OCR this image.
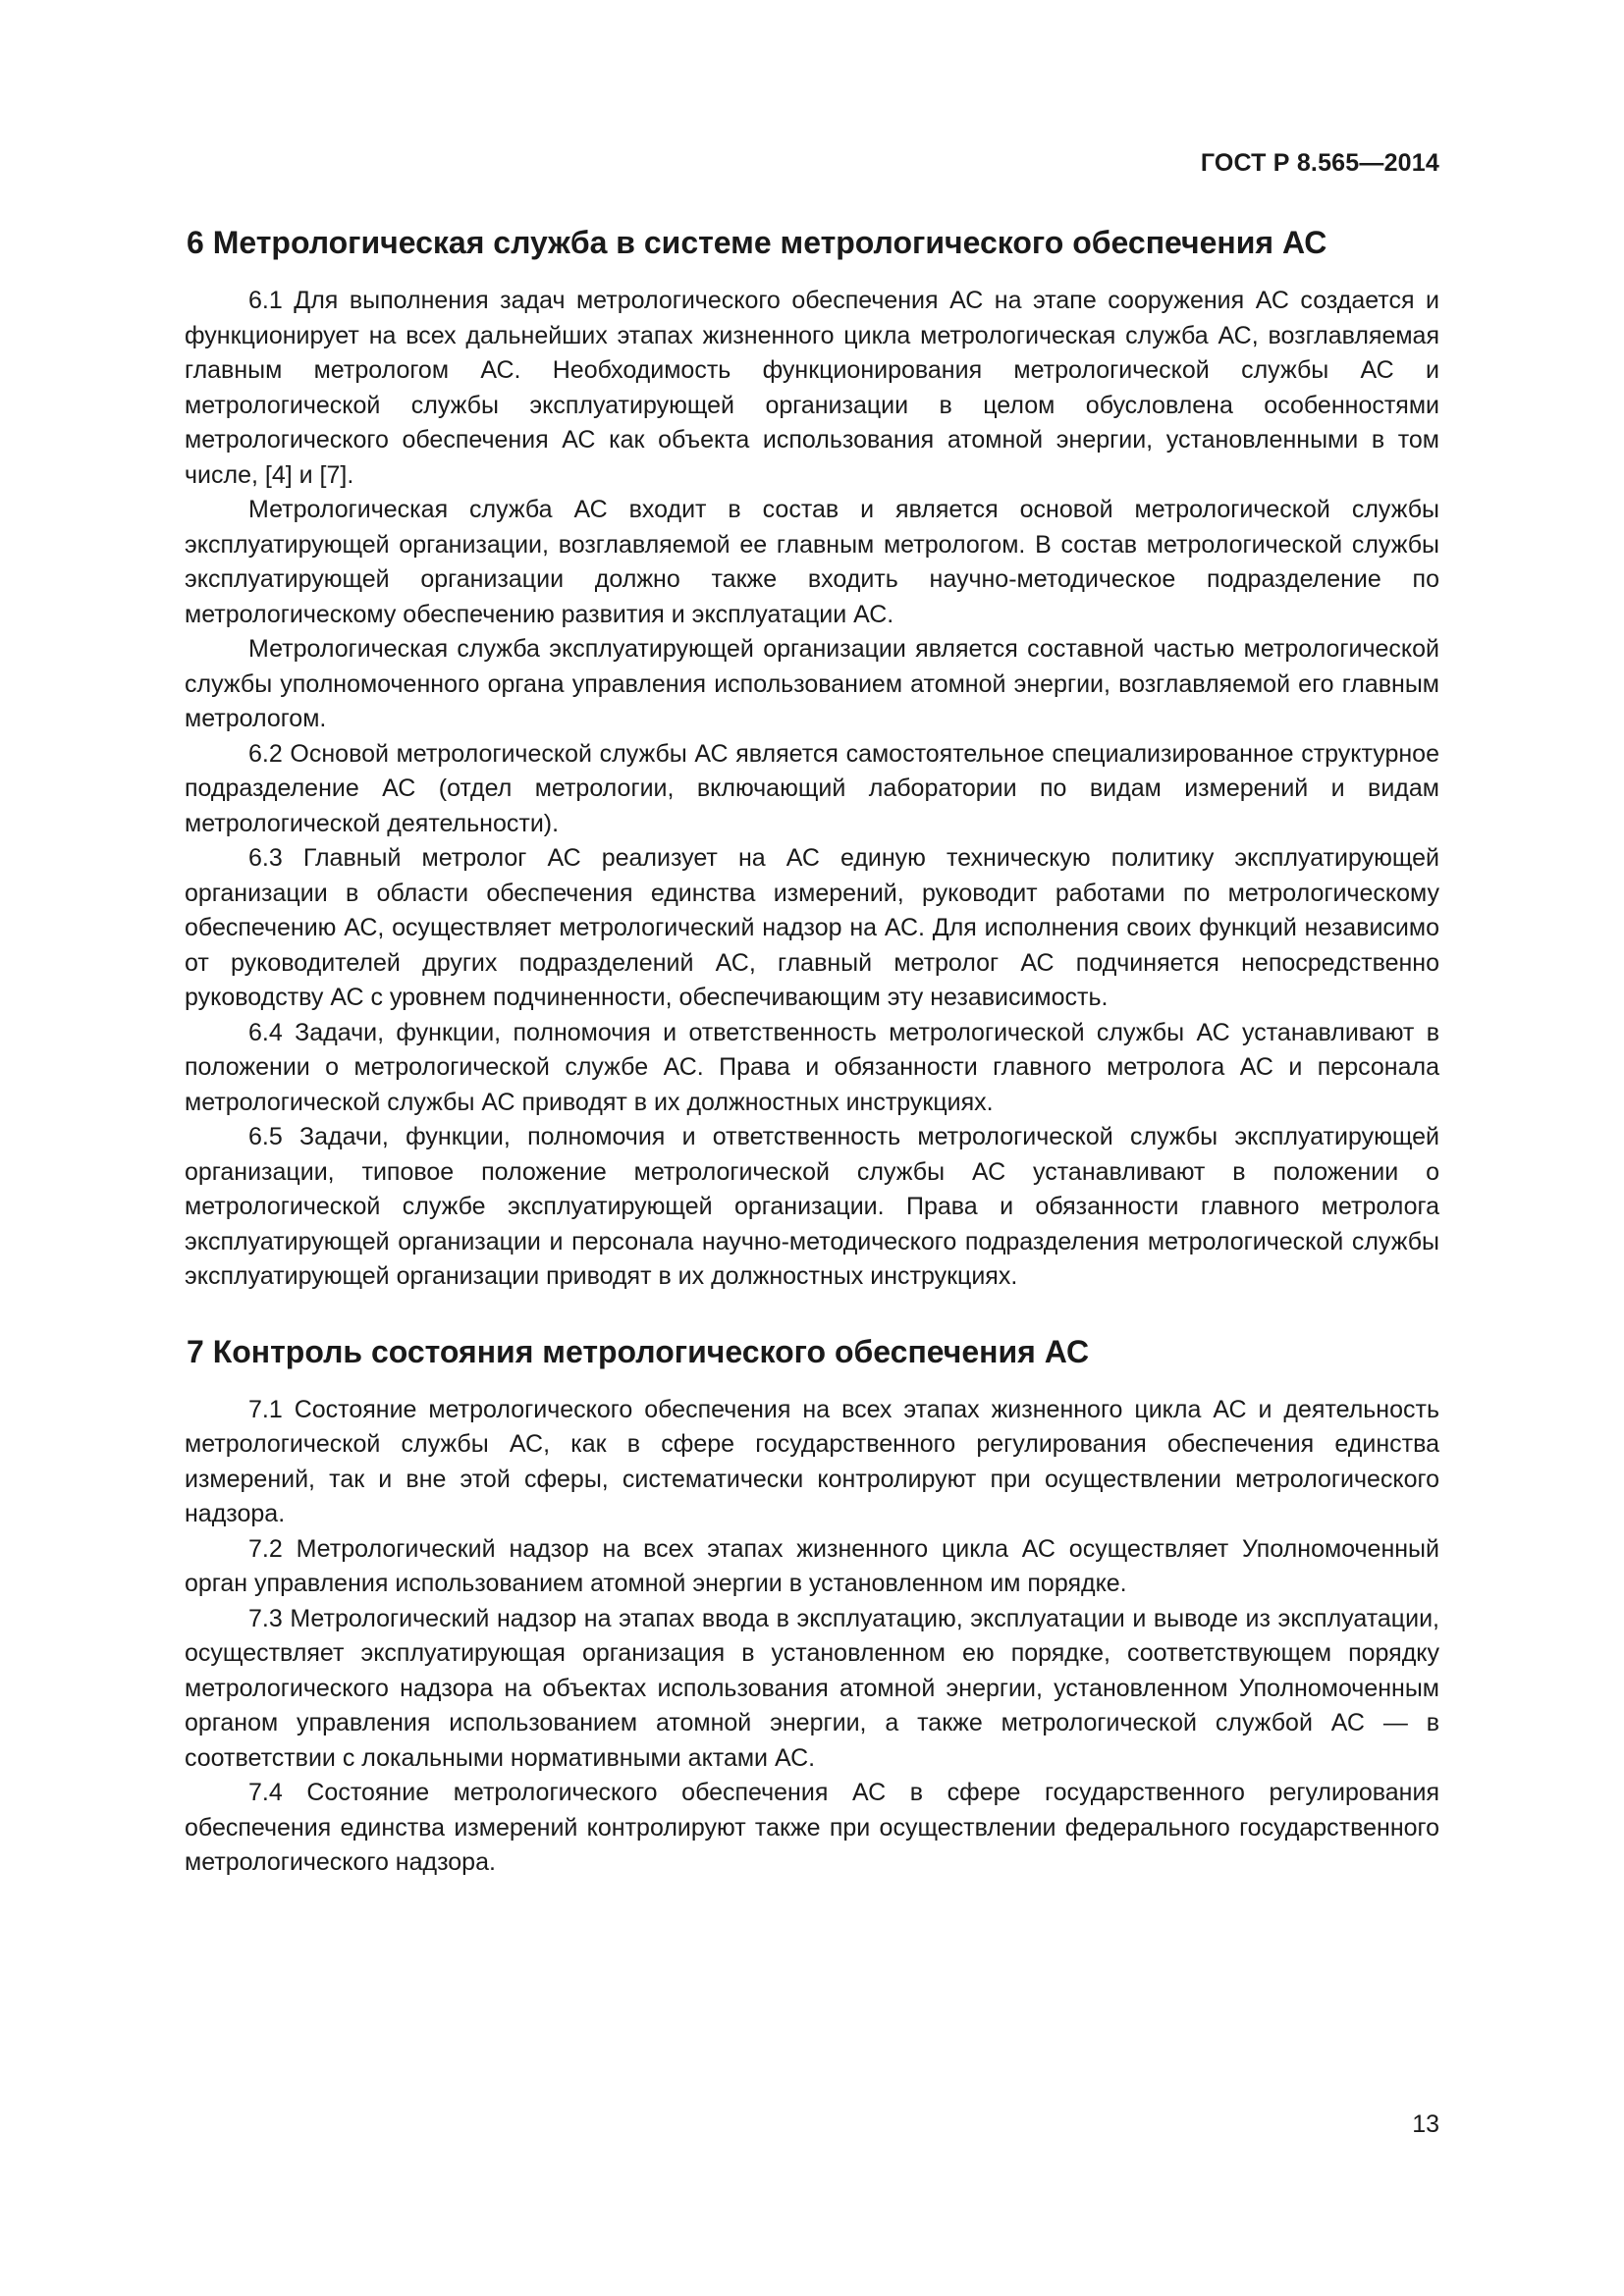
ГОСТ Р 8.565—2014
6 Метрологическая служба в системе метрологического обеспечения АС

6.1 Для выполнения задач метрологического обеспечения АС на этапе сооружения АС создается и функционирует на всех дальнейших этапах жизненного цикла метрологическая служба АС, возглавляемая главным метрологом АС. Необходимость функционирования метрологической службы АС и метрологической службы эксплуатирующей организации в целом обусловлена особенностями метрологического обеспечения АС как объекта использования атомной энергии, установленными в том числе, [4] и [7].

Метрологическая служба АС входит в состав и является основой метрологической службы эксплуатирующей организации, возглавляемой ее главным метрологом. В состав метрологической службы эксплуатирующей организации должно также входить научно-методическое подразделение по метрологическому обеспечению развития и эксплуатации АС.

Метрологическая служба эксплуатирующей организации является составной частью метрологической службы уполномоченного органа управления использованием атомной энергии, возглавляемой его главным метрологом.

6.2 Основой метрологической службы АС является самостоятельное специализированное структурное подразделение АС (отдел метрологии, включающий лаборатории по видам измерений и видам метрологической деятельности).

6.3 Главный метролог АС реализует на АС единую техническую политику эксплуатирующей организации в области обеспечения единства измерений, руководит работами по метрологическому обеспечению АС, осуществляет метрологический надзор на АС. Для исполнения своих функций независимо от руководителей других подразделений АС, главный метролог АС подчиняется непосредственно руководству АС с уровнем подчиненности, обеспечивающим эту независимость.

6.4 Задачи, функции, полномочия и ответственность метрологической службы АС устанавливают в положении о метрологической службе АС. Права и обязанности главного метролога АС и персонала метрологической службы АС приводят в их должностных инструкциях.

6.5 Задачи, функции, полномочия и ответственность метрологической службы эксплуатирующей организации, типовое положение метрологической службы АС устанавливают в положении о метрологической службе эксплуатирующей организации. Права и обязанности главного метролога эксплуатирующей организации и персонала научно-методического подразделения метрологической службы эксплуатирующей организации приводят в их должностных инструкциях.

7 Контроль состояния метрологического обеспечения АС

7.1 Состояние метрологического обеспечения на всех этапах жизненного цикла АС и деятельность метрологической службы АС, как в сфере государственного регулирования обеспечения единства измерений, так и вне этой сферы, систематически контролируют при осуществлении метрологического надзора.

7.2 Метрологический надзор на всех этапах жизненного цикла АС осуществляет Уполномоченный орган управления использованием атомной энергии в установленном им порядке.

7.3 Метрологический надзор на этапах ввода в эксплуатацию, эксплуатации и выводе из эксплуатации, осуществляет эксплуатирующая организация в установленном ею порядке, соответствующем порядку метрологического надзора на объектах использования атомной энергии, установленном Уполномоченным органом управления использованием атомной энергии, а также метрологической службой АС — в соответствии с локальными нормативными актами АС.

7.4 Состояние метрологического обеспечения АС в сфере государственного регулирования обеспечения единства измерений контролируют также при осуществлении федерального государственного метрологического надзора.

13
